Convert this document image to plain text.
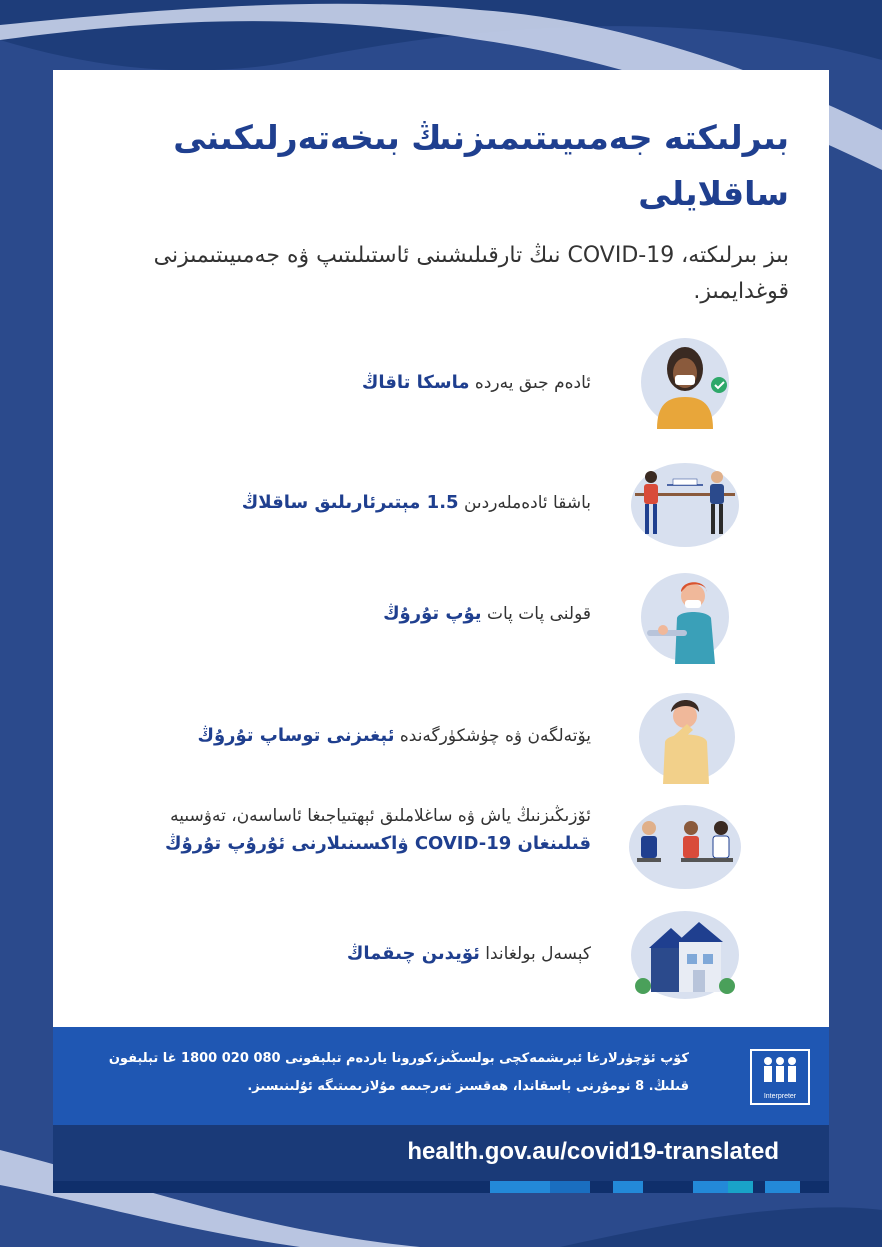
بىرلىكتە جەمىيىتىمىزنىڭ بىخەتەرلىكىنى ساقلايلى
بىز بىرلىكتە، COVID-19 نىڭ تارقىلىشىنى ئاستىلىتىپ ۋە جەمىيىتىمىزنى قوغدايمىز.
ئادەم جىق يەردە ماسكا تاقاڭ
باشقا ئادەملەردىن 1.5 مېتىرئارىلىق ساقلاڭ
قولنى پات پات يۇپ تۇرۇڭ
يۆتەلگەن ۋە چۈشكۈرگەندە ئېغىزنى توساپ تۇرۇڭ
ئۆزىڭىزنىڭ ياش ۋە ساغلاملىق ئېھتىياجىغا ئاساسەن، تەۋسىيە قىلىنغان COVID-19 ۋاكسىنىلارنى ئۇرۇپ تۇرۇڭ
كېسەل بولغاندا ئۆيدىن چىقماڭ
كۆپ ئۆچۈرلارغا ئېرىشمەكچى بولسىڭىز،كورونا ياردەم تېلېفونى 080 020 1800 غا تېلېفون قىلىڭ. 8 نومۇرنى باسقاندا، ھەقسىز تەرجىمە مۇلازىمىتىگە ئۇلىنىسىز.
Interpreter
health.gov.au/covid19-translated
